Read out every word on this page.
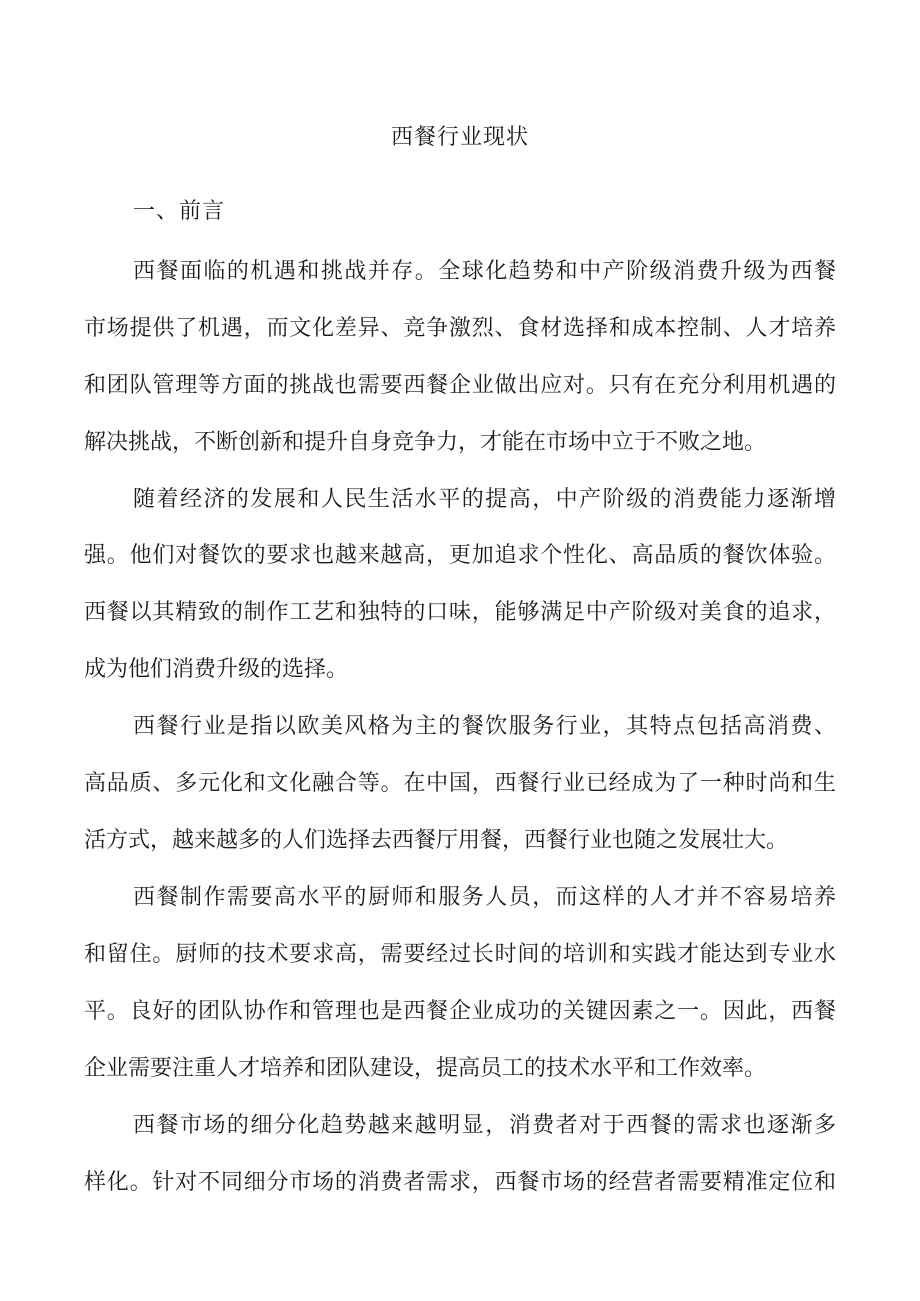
西餐行业现状
一、前言
西餐面临的机遇和挑战并存。全球化趋势和中产阶级消费升级为西餐
市场提供了机遇，而文化差异、竞争激烈、食材选择和成本控制、人才培养
和团队管理等方面的挑战也需要西餐企业做出应对。只有在充分利用机遇的
解决挑战，不断创新和提升自身竞争力，才能在市场中立于不败之地。
随着经济的发展和人民生活水平的提高，中产阶级的消费能力逐渐增
强。他们对餐饮的要求也越来越高，更加追求个性化、高品质的餐饮体验。
西餐以其精致的制作工艺和独特的口味，能够满足中产阶级对美食的追求，
成为他们消费升级的选择。
西餐行业是指以欧美风格为主的餐饮服务行业，其特点包括高消费、
高品质、多元化和文化融合等。在中国，西餐行业已经成为了一种时尚和生
活方式，越来越多的人们选择去西餐厅用餐，西餐行业也随之发展壮大。
西餐制作需要高水平的厨师和服务人员，而这样的人才并不容易培养
和留住。厨师的技术要求高，需要经过长时间的培训和实践才能达到专业水
平。良好的团队协作和管理也是西餐企业成功的关键因素之一。因此，西餐
企业需要注重人才培养和团队建设，提高员工的技术水平和工作效率。
西餐市场的细分化趋势越来越明显，消费者对于西餐的需求也逐渐多
样化。针对不同细分市场的消费者需求，西餐市场的经营者需要精准定位和
